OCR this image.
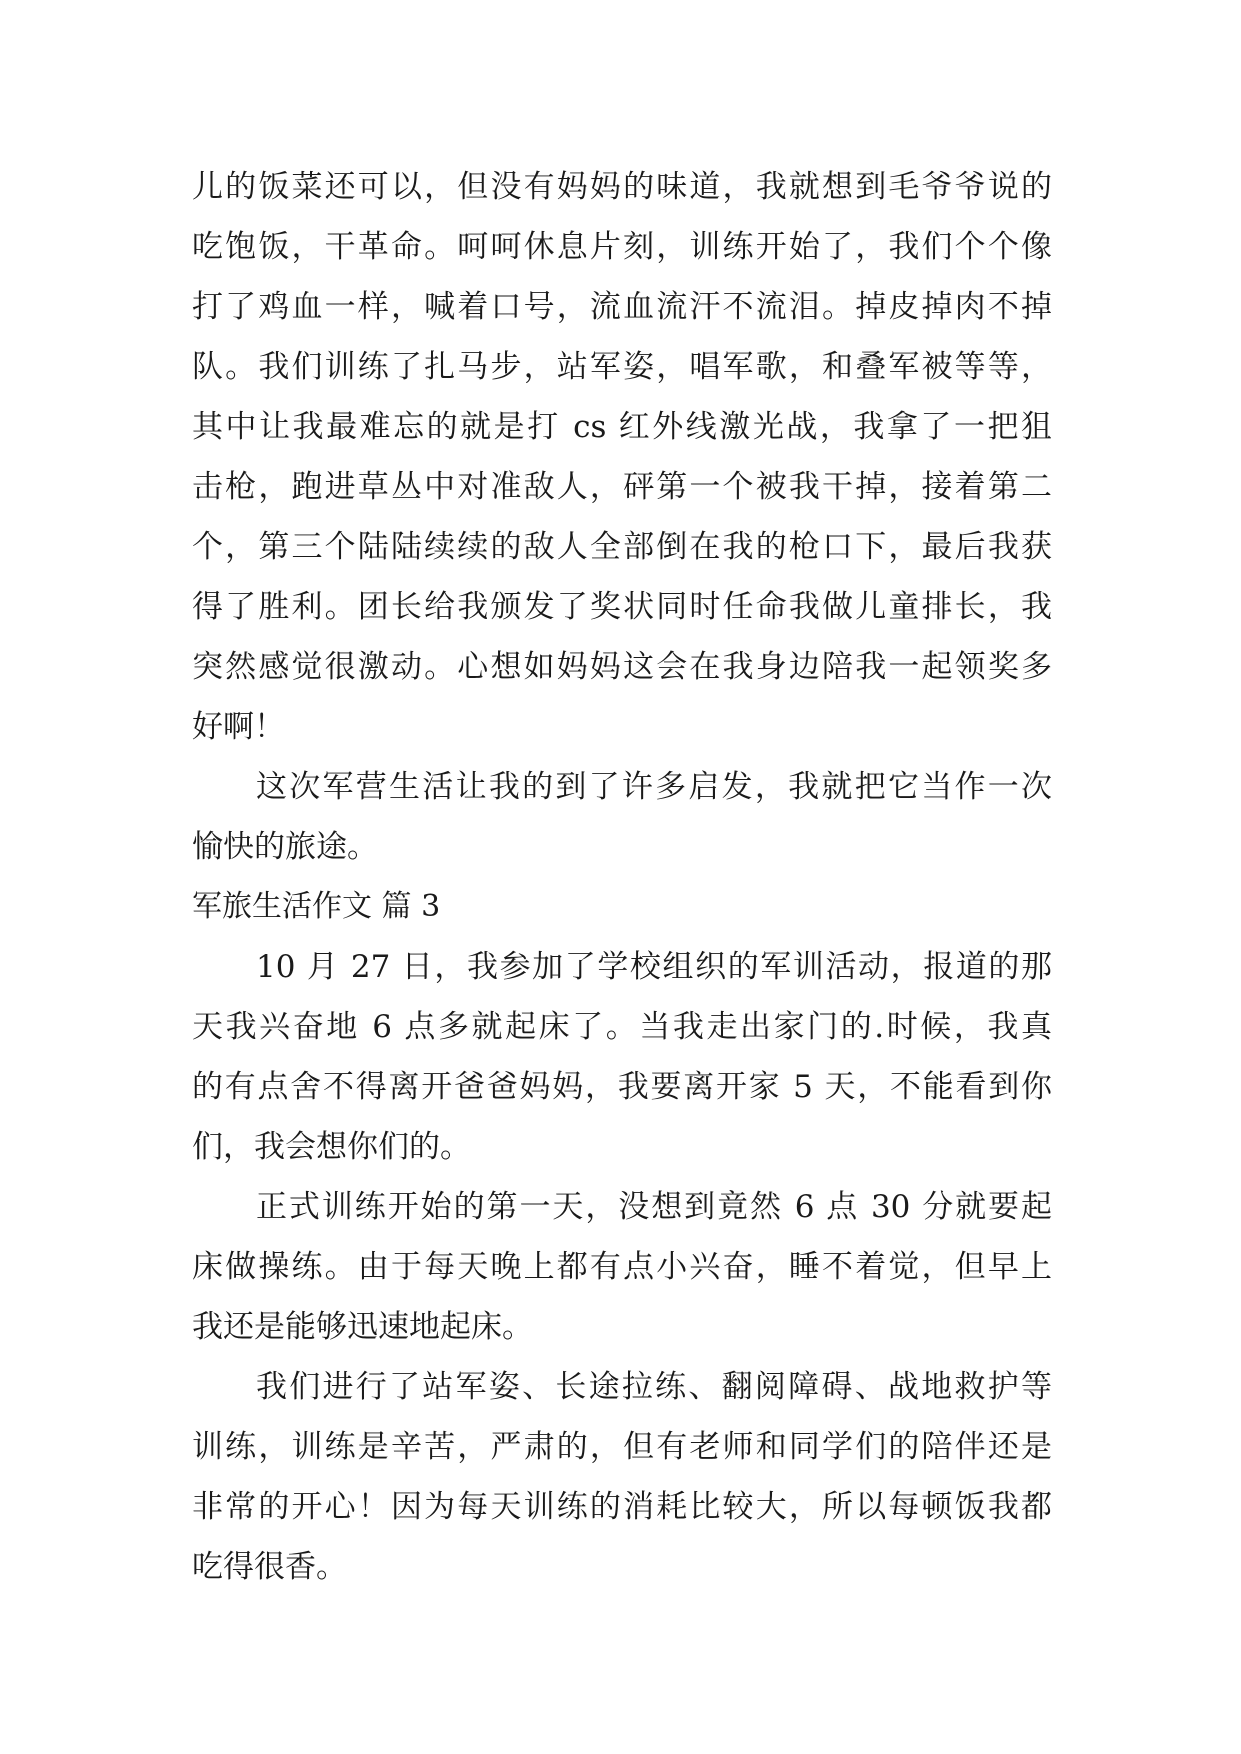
儿的饭菜还可以，但没有妈妈的味道，我就想到毛爷爷说的
吃饱饭，干革命。呵呵休息片刻，训练开始了，我们个个像
打了鸡血一样，喊着口号，流血流汗不流泪。掉皮掉肉不掉
队。我们训练了扎马步，站军姿，唱军歌，和叠军被等等，
其中让我最难忘的就是打 cs 红外线激光战，我拿了一把狙
击枪，跑进草丛中对准敌人，砰第一个被我干掉，接着第二
个，第三个陆陆续续的敌人全部倒在我的枪口下，最后我获
得了胜利。团长给我颁发了奖状同时任命我做儿童排长，我
突然感觉很激动。心想如妈妈这会在我身边陪我一起领奖多
好啊！
这次军营生活让我的到了许多启发，我就把它当作一次
愉快的旅途。
军旅生活作文 篇 3
10 月 27 日，我参加了学校组织的军训活动，报道的那
天我兴奋地 6 点多就起床了。当我走出家门的.时候，我真
的有点舍不得离开爸爸妈妈，我要离开家 5 天，不能看到你
们，我会想你们的。
正式训练开始的第一天，没想到竟然 6 点 30 分就要起
床做操练。由于每天晚上都有点小兴奋，睡不着觉，但早上
我还是能够迅速地起床。
我们进行了站军姿、长途拉练、翻阅障碍、战地救护等
训练，训练是辛苦，严肃的，但有老师和同学们的陪伴还是
非常的开心！因为每天训练的消耗比较大，所以每顿饭我都
吃得很香。
